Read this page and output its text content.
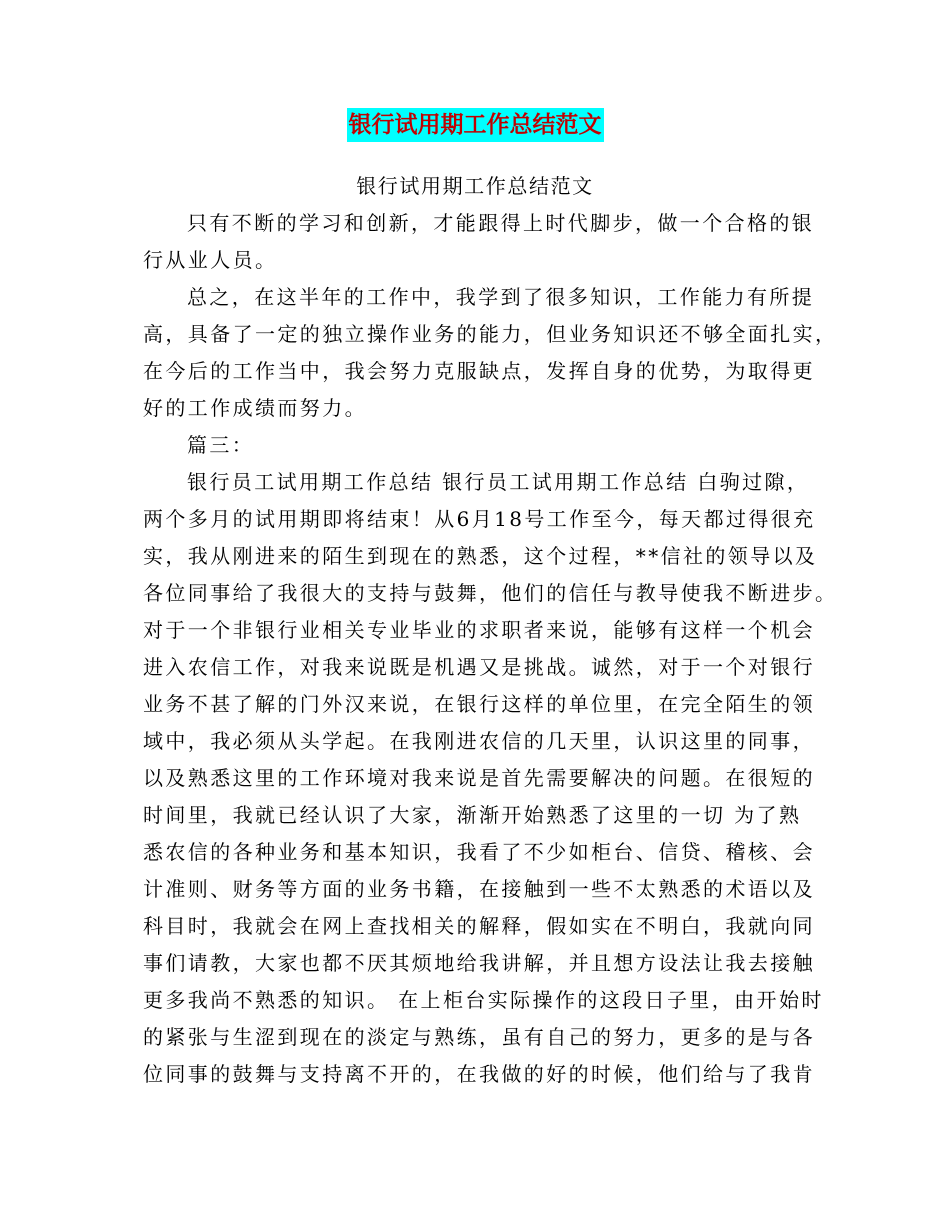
银行试用期工作总结范文
银行试用期工作总结范文
只有不断的学习和创新，才能跟得上时代脚步，做一个合格的银
行从业人员。
总之，在这半年的工作中，我学到了很多知识，工作能力有所提
高，具备了一定的独立操作业务的能力，但业务知识还不够全面扎实，
在今后的工作当中，我会努力克服缺点，发挥自身的优势，为取得更
好的工作成绩而努力。
篇三：
银行员工试用期工作总结 银行员工试用期工作总结 白驹过隙，
两个多月的试用期即将结束！从6月18号工作至今，每天都过得很充
实，我从刚进来的陌生到现在的熟悉，这个过程，**信社的领导以及
各位同事给了我很大的支持与鼓舞，他们的信任与教导使我不断进步。
对于一个非银行业相关专业毕业的求职者来说，能够有这样一个机会
进入农信工作，对我来说既是机遇又是挑战。诚然，对于一个对银行
业务不甚了解的门外汉来说，在银行这样的单位里，在完全陌生的领
域中，我必须从头学起。在我刚进农信的几天里，认识这里的同事，
以及熟悉这里的工作环境对我来说是首先需要解决的问题。在很短的
时间里，我就已经认识了大家，渐渐开始熟悉了这里的一切 为了熟
悉农信的各种业务和基本知识，我看了不少如柜台、信贷、稽核、会
计准则、财务等方面的业务书籍，在接触到一些不太熟悉的术语以及
科目时，我就会在网上查找相关的解释，假如实在不明白，我就向同
事们请教，大家也都不厌其烦地给我讲解，并且想方设法让我去接触
更多我尚不熟悉的知识。 在上柜台实际操作的这段日子里，由开始时
的紧张与生涩到现在的淡定与熟练，虽有自己的努力，更多的是与各
位同事的鼓舞与支持离不开的，在我做的好的时候，他们给与了我肯
